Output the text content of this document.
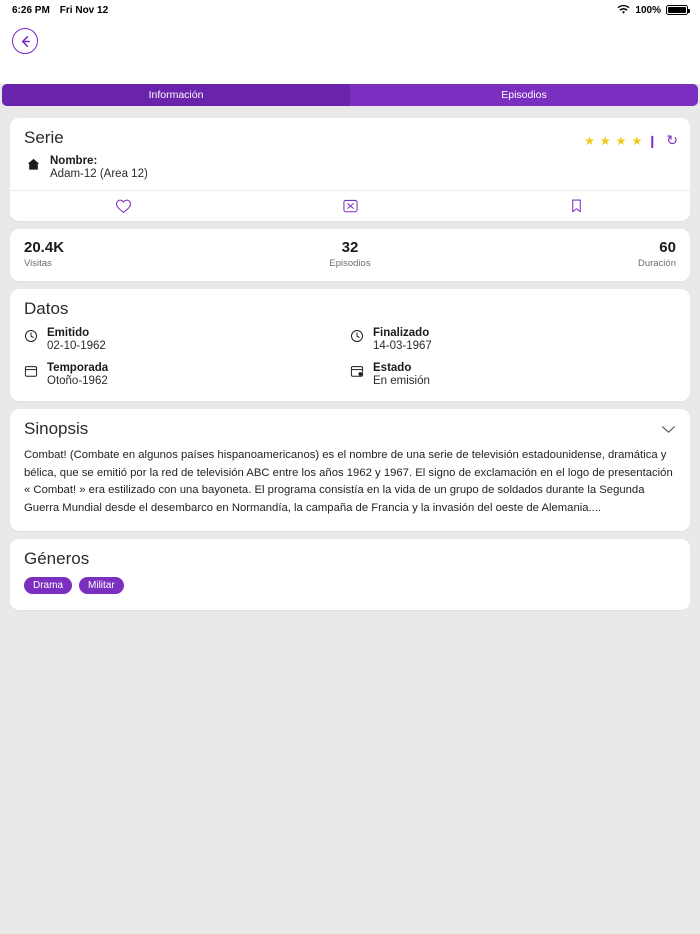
6:26 PM Fri Nov 12	100%
Información	Episodios
Serie	★ ★ ★ ★ ❙ ↻
Nombre:
Adam-12 (Area 12)
20.4K
Visitas
32
Episodios
60
Duración
Datos
Emitido
02-10-1962
Finalizado
14-03-1967
Temporada
Otoño-1962
Estado
En emisión
Sinopsis
Combat! (Combate en algunos países hispanoamericanos) es el nombre de una serie de televisión estadounidense, dramática y bélica, que se emitió por la red de televisión ABC entre los años 1962 y 1967. El signo de exclamación en el logo de presentación « Combat! » era estilizado con una bayoneta. El programa consistía en la vida de un grupo de soldados durante la Segunda Guerra Mundial desde el desembarco en Normandía, la campaña de Francia y la invasión del oeste de Alemania....
Géneros
Drama	Militar
